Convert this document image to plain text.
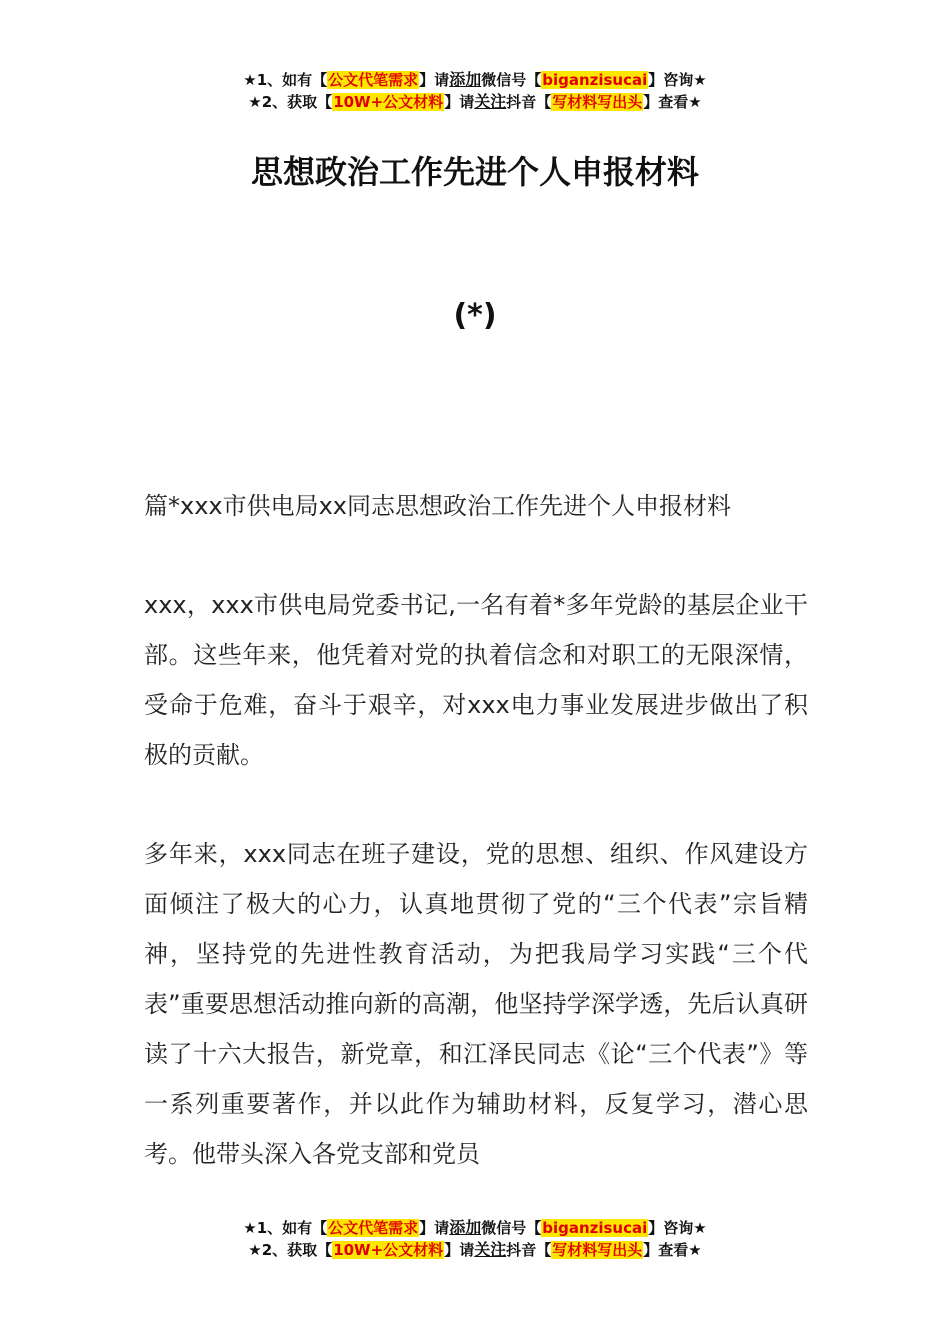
★1、如有【公文代笔需求】请添加微信号【biganzisucai】咨询★
★2、获取【10W+公文材料】请关注抖音【写材料写出头】查看★
思想政治工作先进个人申报材料
(*)

篇*xxx市供电局xx同志思想政治工作先进个人申报材料

xxx，xxx市供电局党委书记,一名有着*多年党龄的基层企业干部。这些年来，他凭着对党的执着信念和对职工的无限深情，受命于危难，奋斗于艰辛，对xxx电力事业发展进步做出了积极的贡献。

多年来，xxx同志在班子建设，党的思想、组织、作风建设方面倾注了极大的心力，认真地贯彻了党的“三个代表”宗旨精神，坚持党的先进性教育活动，为把我局学习实践“三个代表”重要思想活动推向新的高潮，他坚持学深学透，先后认真研读了十六大报告，新党章，和江泽民同志《论“三个代表”》等一系列重要著作，并以此作为辅助材料，反复学习，潜心思考。他带头深入各党支部和党员

★1、如有【公文代笔需求】请添加微信号【biganzisucai】咨询★
★2、获取【10W+公文材料】请关注抖音【写材料写出头】查看★
